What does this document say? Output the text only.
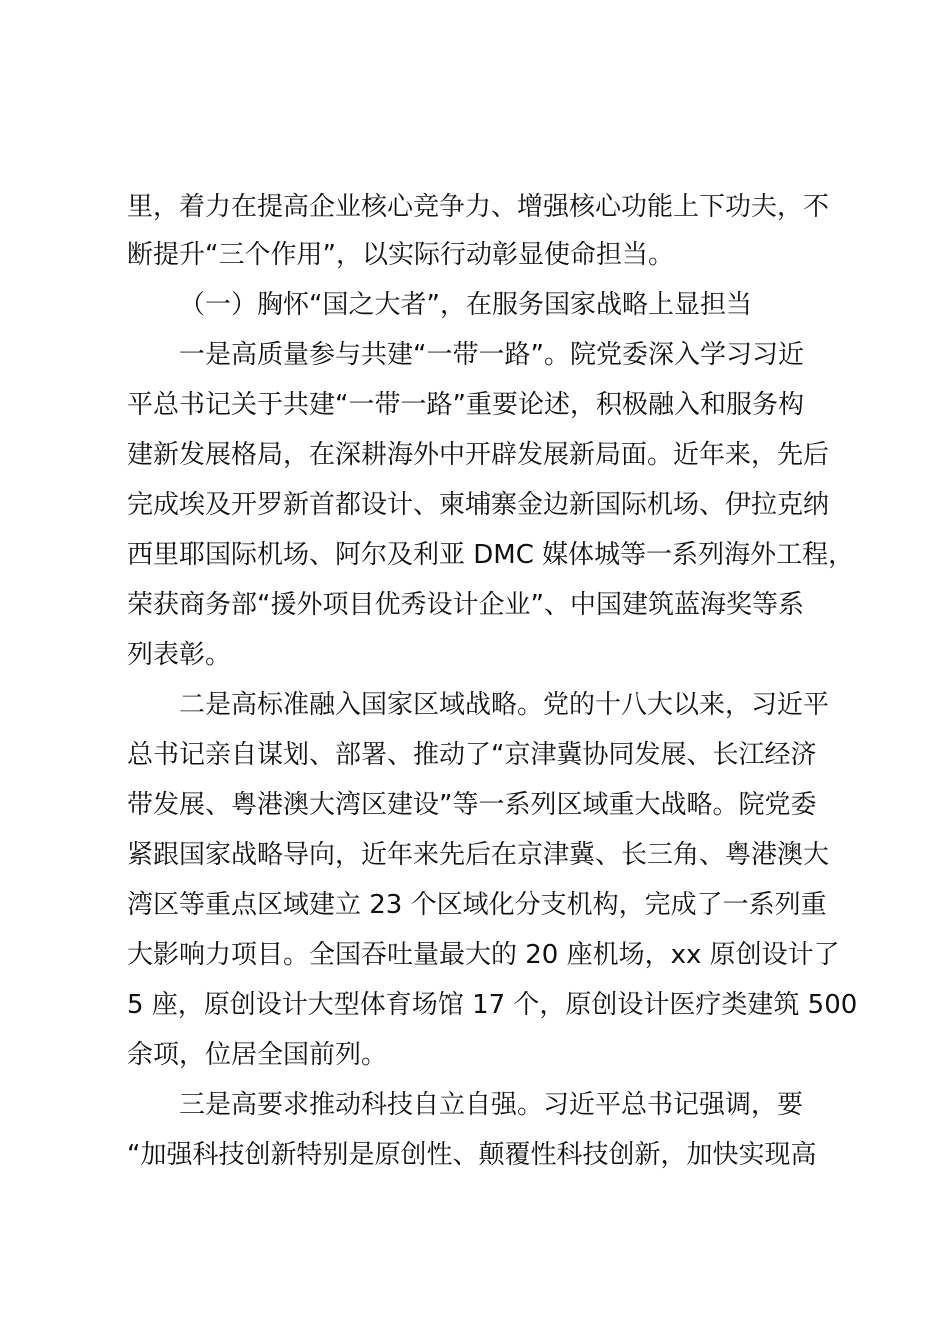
里，着力在提高企业核心竞争力、增强核心功能上下功夫，不
断提升“三个作用”，以实际行动彰显使命担当。
（一）胸怀“国之大者”，在服务国家战略上显担当
一是高质量参与共建“一带一路”。院党委深入学习习近
平总书记关于共建“一带一路”重要论述，积极融入和服务构
建新发展格局，在深耕海外中开辟发展新局面。近年来，先后
完成埃及开罗新首都设计、柬埔寨金边新国际机场、伊拉克纳
西里耶国际机场、阿尔及利亚 DMC 媒体城等一系列海外工程，
荣获商务部“援外项目优秀设计企业”、中国建筑蓝海奖等系
列表彰。
二是高标准融入国家区域战略。党的十八大以来，习近平
总书记亲自谋划、部署、推动了“京津冀协同发展、长江经济
带发展、粤港澳大湾区建设”等一系列区域重大战略。院党委
紧跟国家战略导向，近年来先后在京津冀、长三角、粤港澳大
湾区等重点区域建立 23 个区域化分支机构，完成了一系列重
大影响力项目。全国吞吐量最大的 20 座机场，xx 原创设计了
5 座，原创设计大型体育场馆 17 个，原创设计医疗类建筑 500
余项，位居全国前列。
三是高要求推动科技自立自强。习近平总书记强调，要
“加强科技创新特别是原创性、颠覆性科技创新，加快实现高
